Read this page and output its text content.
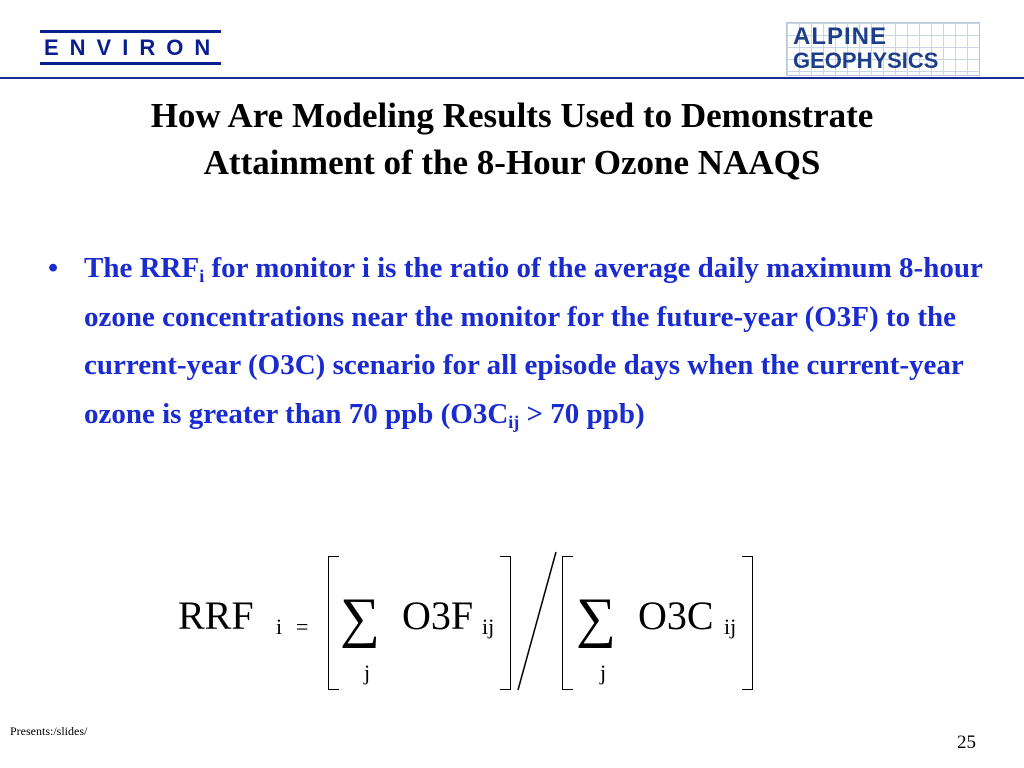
ENVIRON	ALPINE
GEOPHYSICS
How Are Modeling Results Used to Demonstrate
Attainment of the 8-Hour Ozone NAAQS
• The $RRF_i$ for monitor i is the ratio of the average daily maximum 8-hour ozone concentrations near the monitor for the future-year (O3F) to the current-year (O3C) scenario for all episode days when the current-year ozone is greater than 70 ppb ($O3C_{ij} > 70$ ppb)
RRF i = ∑ O3F ij
j
∑ O3C ij
j
Presents:/slides/
25
